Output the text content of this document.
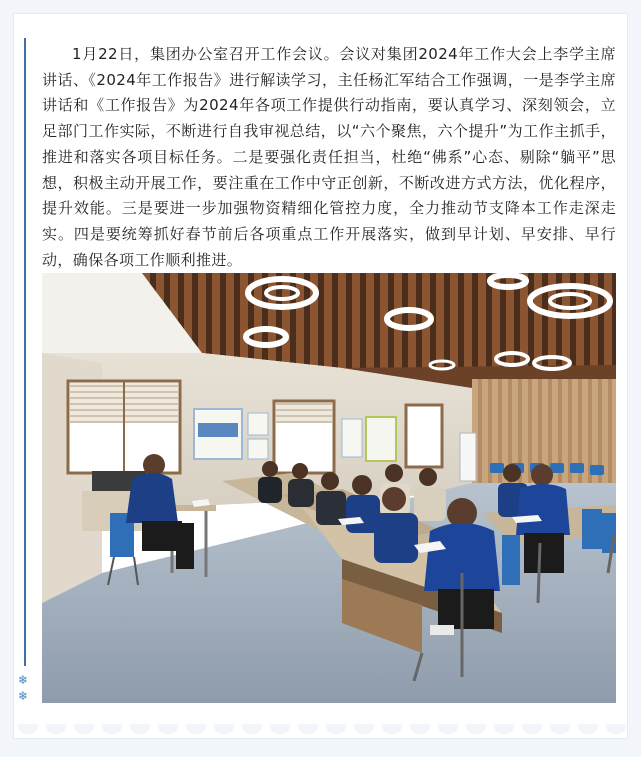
❄
❄

1月22日，集团办公室召开工作会议。会议对集团2024年工作大会上李学主席讲话、《2024年工作报告》进行解读学习，主任杨汇军结合工作强调，一是李学主席讲话和《工作报告》为2024年各项工作提供行动指南，要认真学习、深刻领会，立足部门工作实际，不断进行自我审视总结，以“六个聚焦，六个提升”为工作主抓手，推进和落实各项目标任务。二是要强化责任担当，杜绝“佛系”心态、剔除“躺平”思想，积极主动开展工作，要注重在工作中守正创新，不断改进方式方法，优化程序，提升效能。三是要进一步加强物资精细化管控力度，全力推动节支降本工作走深走实。四是要统筹抓好春节前后各项重点工作开展落实，做到早计划、早安排、早行动，确保各项工作顺利推进。
